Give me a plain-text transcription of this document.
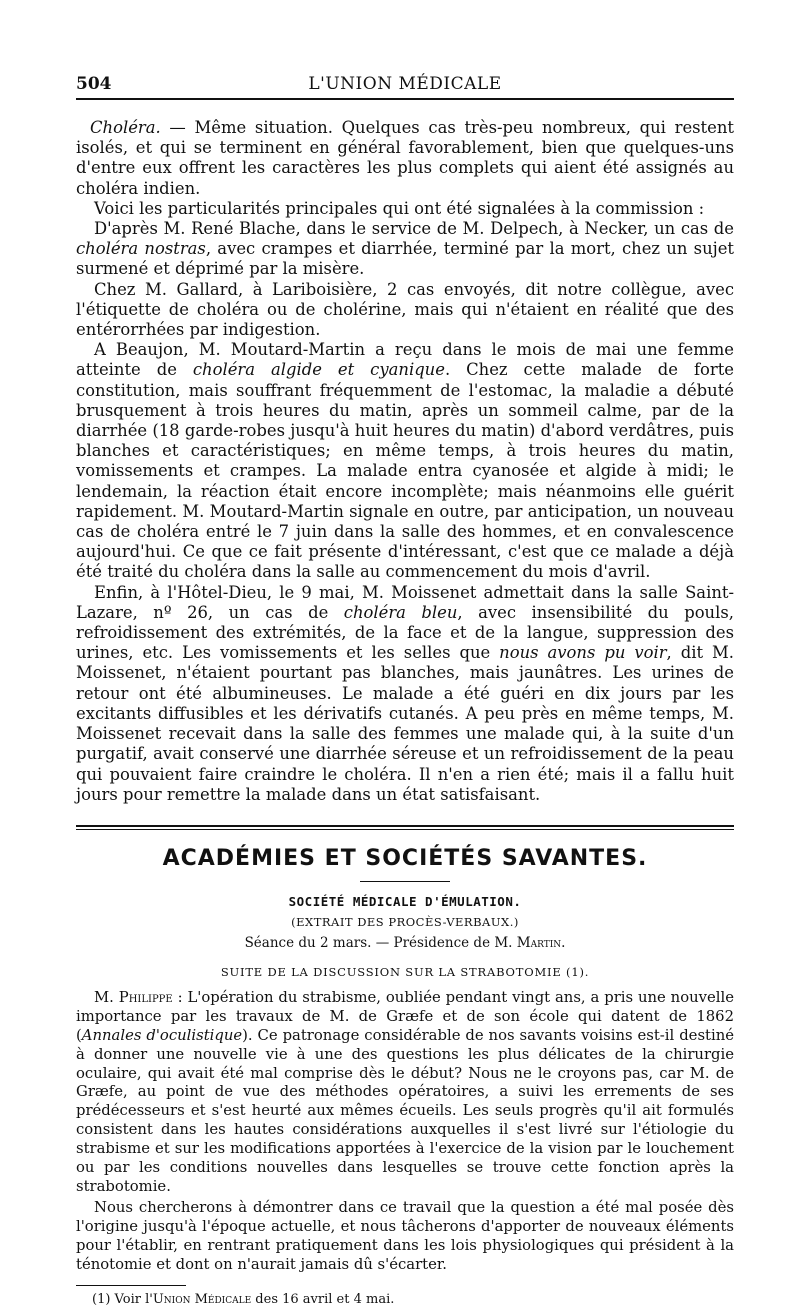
504	L'UNION MÉDICALE

Choléra. — Même situation. Quelques cas très-peu nombreux, qui restent isolés, et qui se terminent en général favorablement, bien que quelques-uns d'entre eux offrent les caractères les plus complets qui aient été assignés au choléra indien.

Voici les particularités principales qui ont été signalées à la commission :

D'après M. René Blache, dans le service de M. Delpech, à Necker, un cas de choléra nostras, avec crampes et diarrhée, terminé par la mort, chez un sujet surmené et déprimé par la misère.

Chez M. Gallard, à Lariboisière, 2 cas envoyés, dit notre collègue, avec l'étiquette de choléra ou de cholérine, mais qui n'étaient en réalité que des entérorrhées par indigestion.

A Beaujon, M. Moutard-Martin a reçu dans le mois de mai une femme atteinte de choléra algide et cyanique. Chez cette malade de forte constitution, mais souffrant fréquemment de l'estomac, la maladie a débuté brusquement à trois heures du matin, après un sommeil calme, par de la diarrhée (18 garde-robes jusqu'à huit heures du matin) d'abord verdâtres, puis blanches et caractéristiques; en même temps, à trois heures du matin, vomissements et crampes. La malade entra cyanosée et algide à midi; le lendemain, la réaction était encore incomplète; mais néanmoins elle guérit rapidement. M. Moutard-Martin signale en outre, par anticipation, un nouveau cas de choléra entré le 7 juin dans la salle des hommes, et en convalescence aujourd'hui. Ce que ce fait présente d'intéressant, c'est que ce malade a déjà été traité du choléra dans la salle au commencement du mois d'avril.

Enfin, à l'Hôtel-Dieu, le 9 mai, M. Moissenet admettait dans la salle Saint-Lazare, nº 26, un cas de choléra bleu, avec insensibilité du pouls, refroidissement des extrémités, de la face et de la langue, suppression des urines, etc. Les vomissements et les selles que nous avons pu voir, dit M. Moissenet, n'étaient pourtant pas blanches, mais jaunâtres. Les urines de retour ont été albumineuses. Le malade a été guéri en dix jours par les excitants diffusibles et les dérivatifs cutanés. A peu près en même temps, M. Moissenet recevait dans la salle des femmes une malade qui, à la suite d'un purgatif, avait conservé une diarrhée séreuse et un refroidissement de la peau qui pouvaient faire craindre le choléra. Il n'en a rien été; mais il a fallu huit jours pour remettre la malade dans un état satisfaisant.

ACADÉMIES ET SOCIÉTÉS SAVANTES.
SOCIÉTÉ MÉDICALE D'ÉMULATION.
(EXTRAIT DES PROCÈS-VERBAUX.)
Séance du 2 mars. — Présidence de M. Martin.
SUITE DE LA DISCUSSION SUR LA STRABOTOMIE (1).

M. Philippe : L'opération du strabisme, oubliée pendant vingt ans, a pris une nouvelle importance par les travaux de M. de Græfe et de son école qui datent de 1862 (Annales d'oculistique). Ce patronage considérable de nos savants voisins est-il destiné à donner une nouvelle vie à une des questions les plus délicates de la chirurgie oculaire, qui avait été mal comprise dès le début? Nous ne le croyons pas, car M. de Græfe, au point de vue des méthodes opératoires, a suivi les errements de ses prédécesseurs et s'est heurté aux mêmes écueils. Les seuls progrès qu'il ait formulés consistent dans les hautes considérations auxquelles il s'est livré sur l'étiologie du strabisme et sur les modifications apportées à l'exercice de la vision par le louchement ou par les conditions nouvelles dans lesquelles se trouve cette fonction après la strabotomie.

Nous chercherons à démontrer dans ce travail que la question a été mal posée dès l'origine jusqu'à l'époque actuelle, et nous tâcherons d'apporter de nouveaux éléments pour l'établir, en rentrant pratiquement dans les lois physiologiques qui président à la ténotomie et dont on n'aurait jamais dû s'écarter.

(1) Voir l'Union Médicale des 16 avril et 4 mai.
